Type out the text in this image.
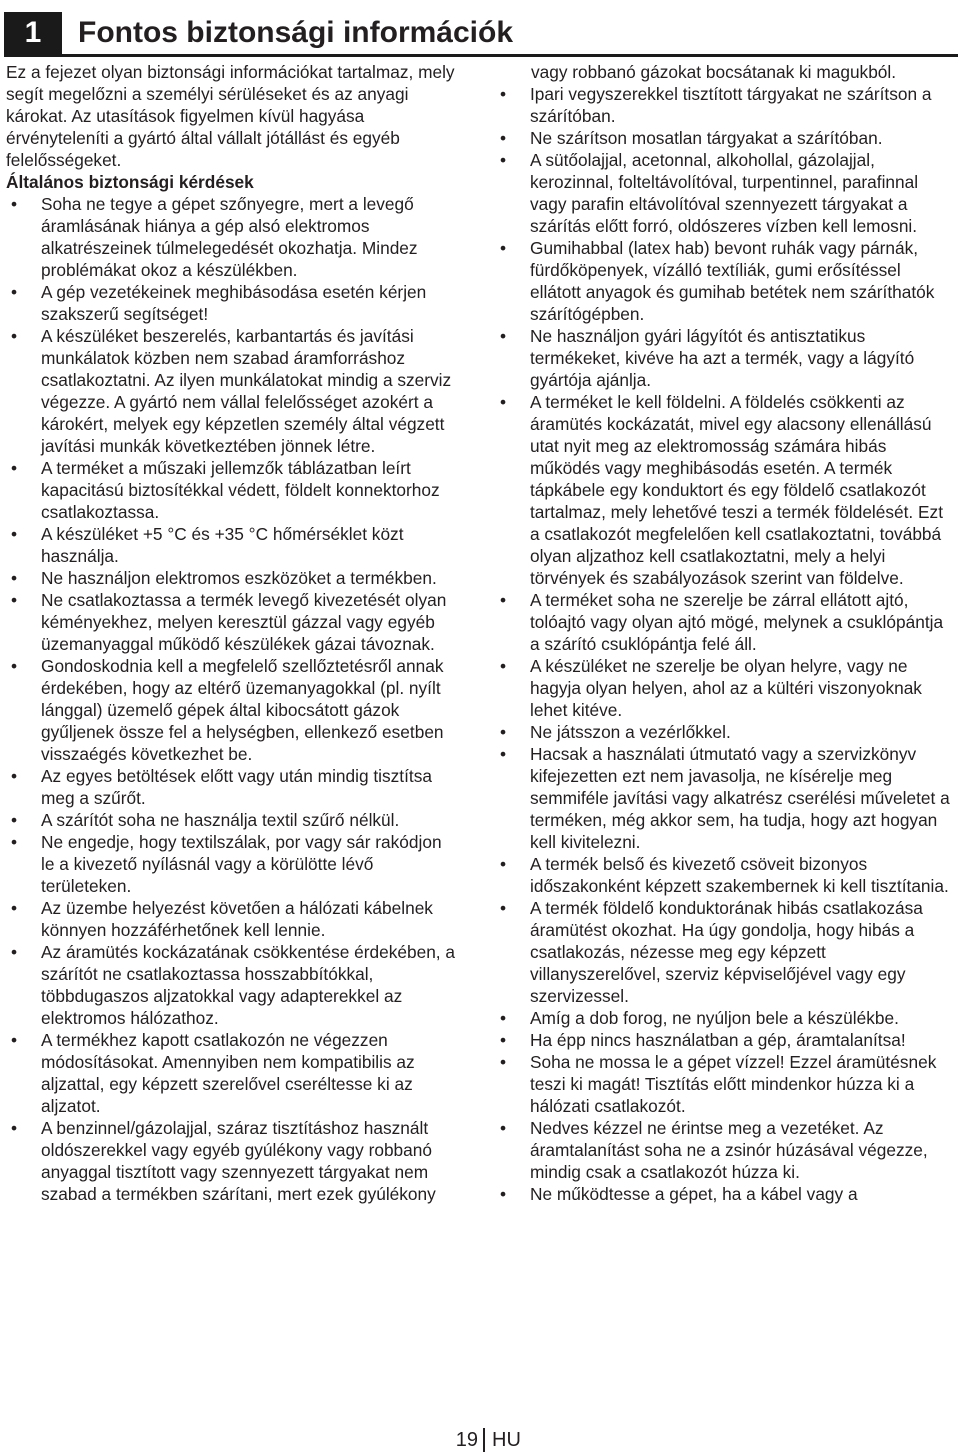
1	Fontos biztonsági információk

Ez a fejezet olyan biztonsági információkat tartalmaz, mely segít megelőzni a személyi sérüléseket és az anyagi károkat. Az utasítások figyelmen kívül hagyása érvényteleníti a gyártó által vállalt jótállást és egyéb felelősségeket.

Általános biztonsági kérdések

• Soha ne tegye a gépet szőnyegre, mert a levegő áramlásának hiánya a gép alsó elektromos alkatrészeinek túlmelegedését okozhatja. Mindez problémákat okoz a készülékben.
• A gép vezetékeinek meghibásodása esetén kérjen szakszerű segítséget!
• A készüléket beszerelés, karbantartás és javítási munkálatok közben nem szabad áramforráshoz csatlakoztatni. Az ilyen munkálatokat mindig a szerviz végezze. A gyártó nem vállal felelősséget azokért a károkért, melyek egy képzetlen személy által végzett javítási munkák következtében jönnek létre.
• A terméket a műszaki jellemzők táblázatban leírt kapacitású biztosítékkal védett, földelt konnektorhoz csatlakoztassa.
• A készüléket +5 °C és +35 °C hőmérséklet közt használja.
• Ne használjon elektromos eszközöket a termékben.
• Ne csatlakoztassa a termék levegő kivezetését olyan kéményekhez, melyen keresztül gázzal vagy egyéb üzemanyaggal működő készülékek gázai távoznak.
• Gondoskodnia kell a megfelelő szellőztetésről annak érdekében, hogy az eltérő üzemanyagokkal (pl. nyílt lánggal) üzemelő gépek által kibocsátott gázok gyűljenek össze fel a helységben, ellenkező esetben visszaégés következhet be.
• Az egyes betöltések előtt vagy után mindig tisztítsa meg a szűrőt.
• A szárítót soha ne használja textil szűrő nélkül.
• Ne engedje, hogy textilszálak, por vagy sár rakódjon le a kivezető nyílásnál vagy a körülötte lévő területeken.
• Az üzembe helyezést követően a hálózati kábelnek könnyen hozzáférhetőnek kell lennie.
• Az áramütés kockázatának csökkentése érdekében, a szárítót ne csatlakoztassa hosszabbítókkal, többdugaszos aljzatokkal vagy adapterekkel az elektromos hálózathoz.
• A termékhez kapott csatlakozón ne végezzen módosításokat. Amennyiben nem kompatibilis az aljzattal, egy képzett szerelővel cseréltesse ki az aljzatot.
• A benzinnel/gázolajjal, száraz tisztításhoz használt oldószerekkel vagy egyéb gyúlékony vagy robbanó anyaggal tisztított vagy szennyezett tárgyakat nem szabad a termékben szárítani, mert ezek gyúlékony

vagy robbanó gázokat bocsátanak ki magukból.

• Ipari vegyszerekkel tisztított tárgyakat ne szárítson a szárítóban.
• Ne szárítson mosatlan tárgyakat a szárítóban.
• A sütőolajjal, acetonnal, alkohollal, gázolajjal, kerozinnal, folteltávolítóval, turpentinnel, parafinnal vagy parafin eltávolítóval szennyezett tárgyakat a szárítás előtt forró, oldószeres vízben kell lemosni.
• Gumihabbal (latex hab) bevont ruhák vagy párnák, fürdőköpenyek, vízálló textíliák, gumi erősítéssel ellátott anyagok és gumihab betétek nem száríthatók szárítógépben.
• Ne használjon gyári lágyítót és antisztatikus termékeket, kivéve ha azt a termék, vagy a lágyító gyártója ajánlja.
• A terméket le kell földelni. A földelés csökkenti az áramütés kockázatát, mivel egy alacsony ellenállású utat nyit meg az elektromosság számára hibás működés vagy meghibásodás esetén. A termék tápkábele egy konduktort és egy földelő csatlakozót tartalmaz, mely lehetővé teszi a termék földelését. Ezt a csatlakozót megfelelően kell csatlakoztatni, továbbá olyan aljzathoz kell csatlakoztatni, mely a helyi törvények és szabályozások szerint van földelve.
• A terméket soha ne szerelje be zárral ellátott ajtó, tolóajtó vagy olyan ajtó mögé, melynek a csuklópántja a szárító csuklópántja felé áll.
• A készüléket ne szerelje be olyan helyre, vagy ne hagyja olyan helyen, ahol az a kültéri viszonyoknak lehet kitéve.
• Ne játsszon a vezérlőkkel.
• Hacsak a használati útmutató vagy a szervizkönyv kifejezetten ezt nem javasolja, ne kísérelje meg semmiféle javítási vagy alkatrész cserélési műveletet a terméken, még akkor sem, ha tudja, hogy azt hogyan kell kivitelezni.
• A termék belső és kivezető csöveit bizonyos időszakonként képzett szakembernek ki kell tisztítania.
• A termék földelő konduktorának hibás csatlakozása áramütést okozhat. Ha úgy gondolja, hogy hibás a csatlakozás, nézesse meg egy képzett villanyszerelővel, szerviz képviselőjével vagy egy szervizessel.
• Amíg a dob forog, ne nyúljon bele a készülékbe.
• Ha épp nincs használatban a gép, áramtalanítsa!
• Soha ne mossa le a gépet vízzel! Ezzel áramütésnek teszi ki magát! Tisztítás előtt mindenkor húzza ki a hálózati csatlakozót.
• Nedves kézzel ne érintse meg a vezetéket. Az áramtalanítást soha ne a zsinór húzásával végezze, mindig csak a csatlakozót húzza ki.
• Ne működtesse a gépet, ha a kábel vagy a
19 HU
